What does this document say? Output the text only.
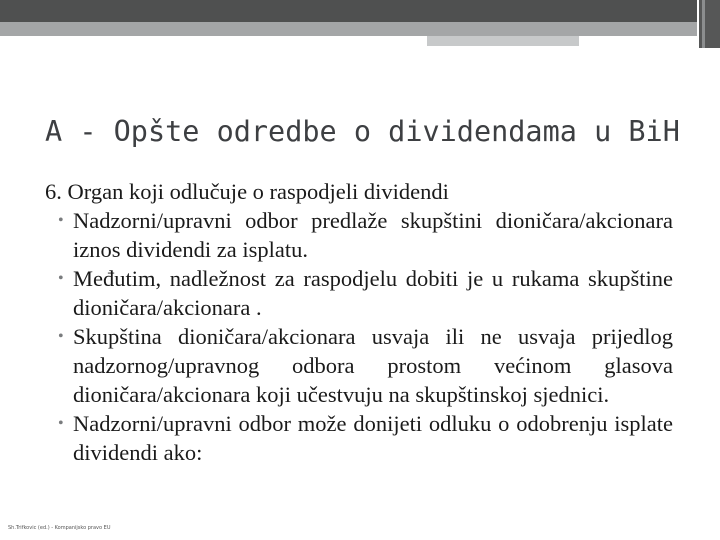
A - Opšte odredbe o dividendama u BiH

6. Organ koji odlučuje o raspodjeli dividendi

• Nadzorni/upravni odbor predlaže skupštini dioničara/akcionara iznos dividendi za isplatu.
• Međutim, nadležnost za raspodjelu dobiti je u rukama skupštine dioničara/akcionara .
• Skupština dioničara/akcionara usvaja ili ne usvaja prijedlog nadzornog/upravnog odbora prostom većinom glasova dioničara/akcionara koji učestvuju na skupštinskoj sjednici.
• Nadzorni/upravni odbor može donijeti odluku o odobrenju isplate dividendi ako:
Sh.Trifkovic (ed.) - Kompanijsko pravo EU
